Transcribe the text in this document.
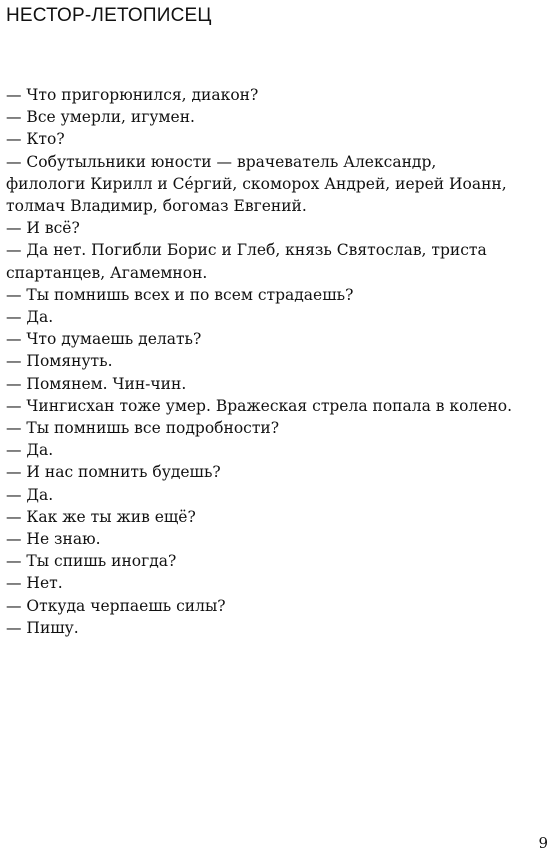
НЕСТОР-ЛЕТОПИСЕЦ

— Что пригорюнился, диакон?

— Все умерли, игумен.

— Кто?

— Собутыльники юности — врачеватель Александр,

филологи Кирилл и Се́ргий, скоморох Андрей, иерей Иоанн,

толмач Владимир, богомаз Евгений.

— И всё?

— Да нет. Погибли Борис и Глеб, князь Святослав, триста

спартанцев, Агамемнон.

— Ты помнишь всех и по всем страдаешь?

— Да.

— Что думаешь делать?

— Помянуть.

— Помянем. Чин-чин.

— Чингисхан тоже умер. Вражеская стрела попала в колено.

— Ты помнишь все подробности?

— Да.

— И нас помнить будешь?

— Да.

— Как же ты жив ещё?

— Не знаю.

— Ты спишь иногда?

— Нет.

— Откуда черпаешь силы?

— Пишу.

9
